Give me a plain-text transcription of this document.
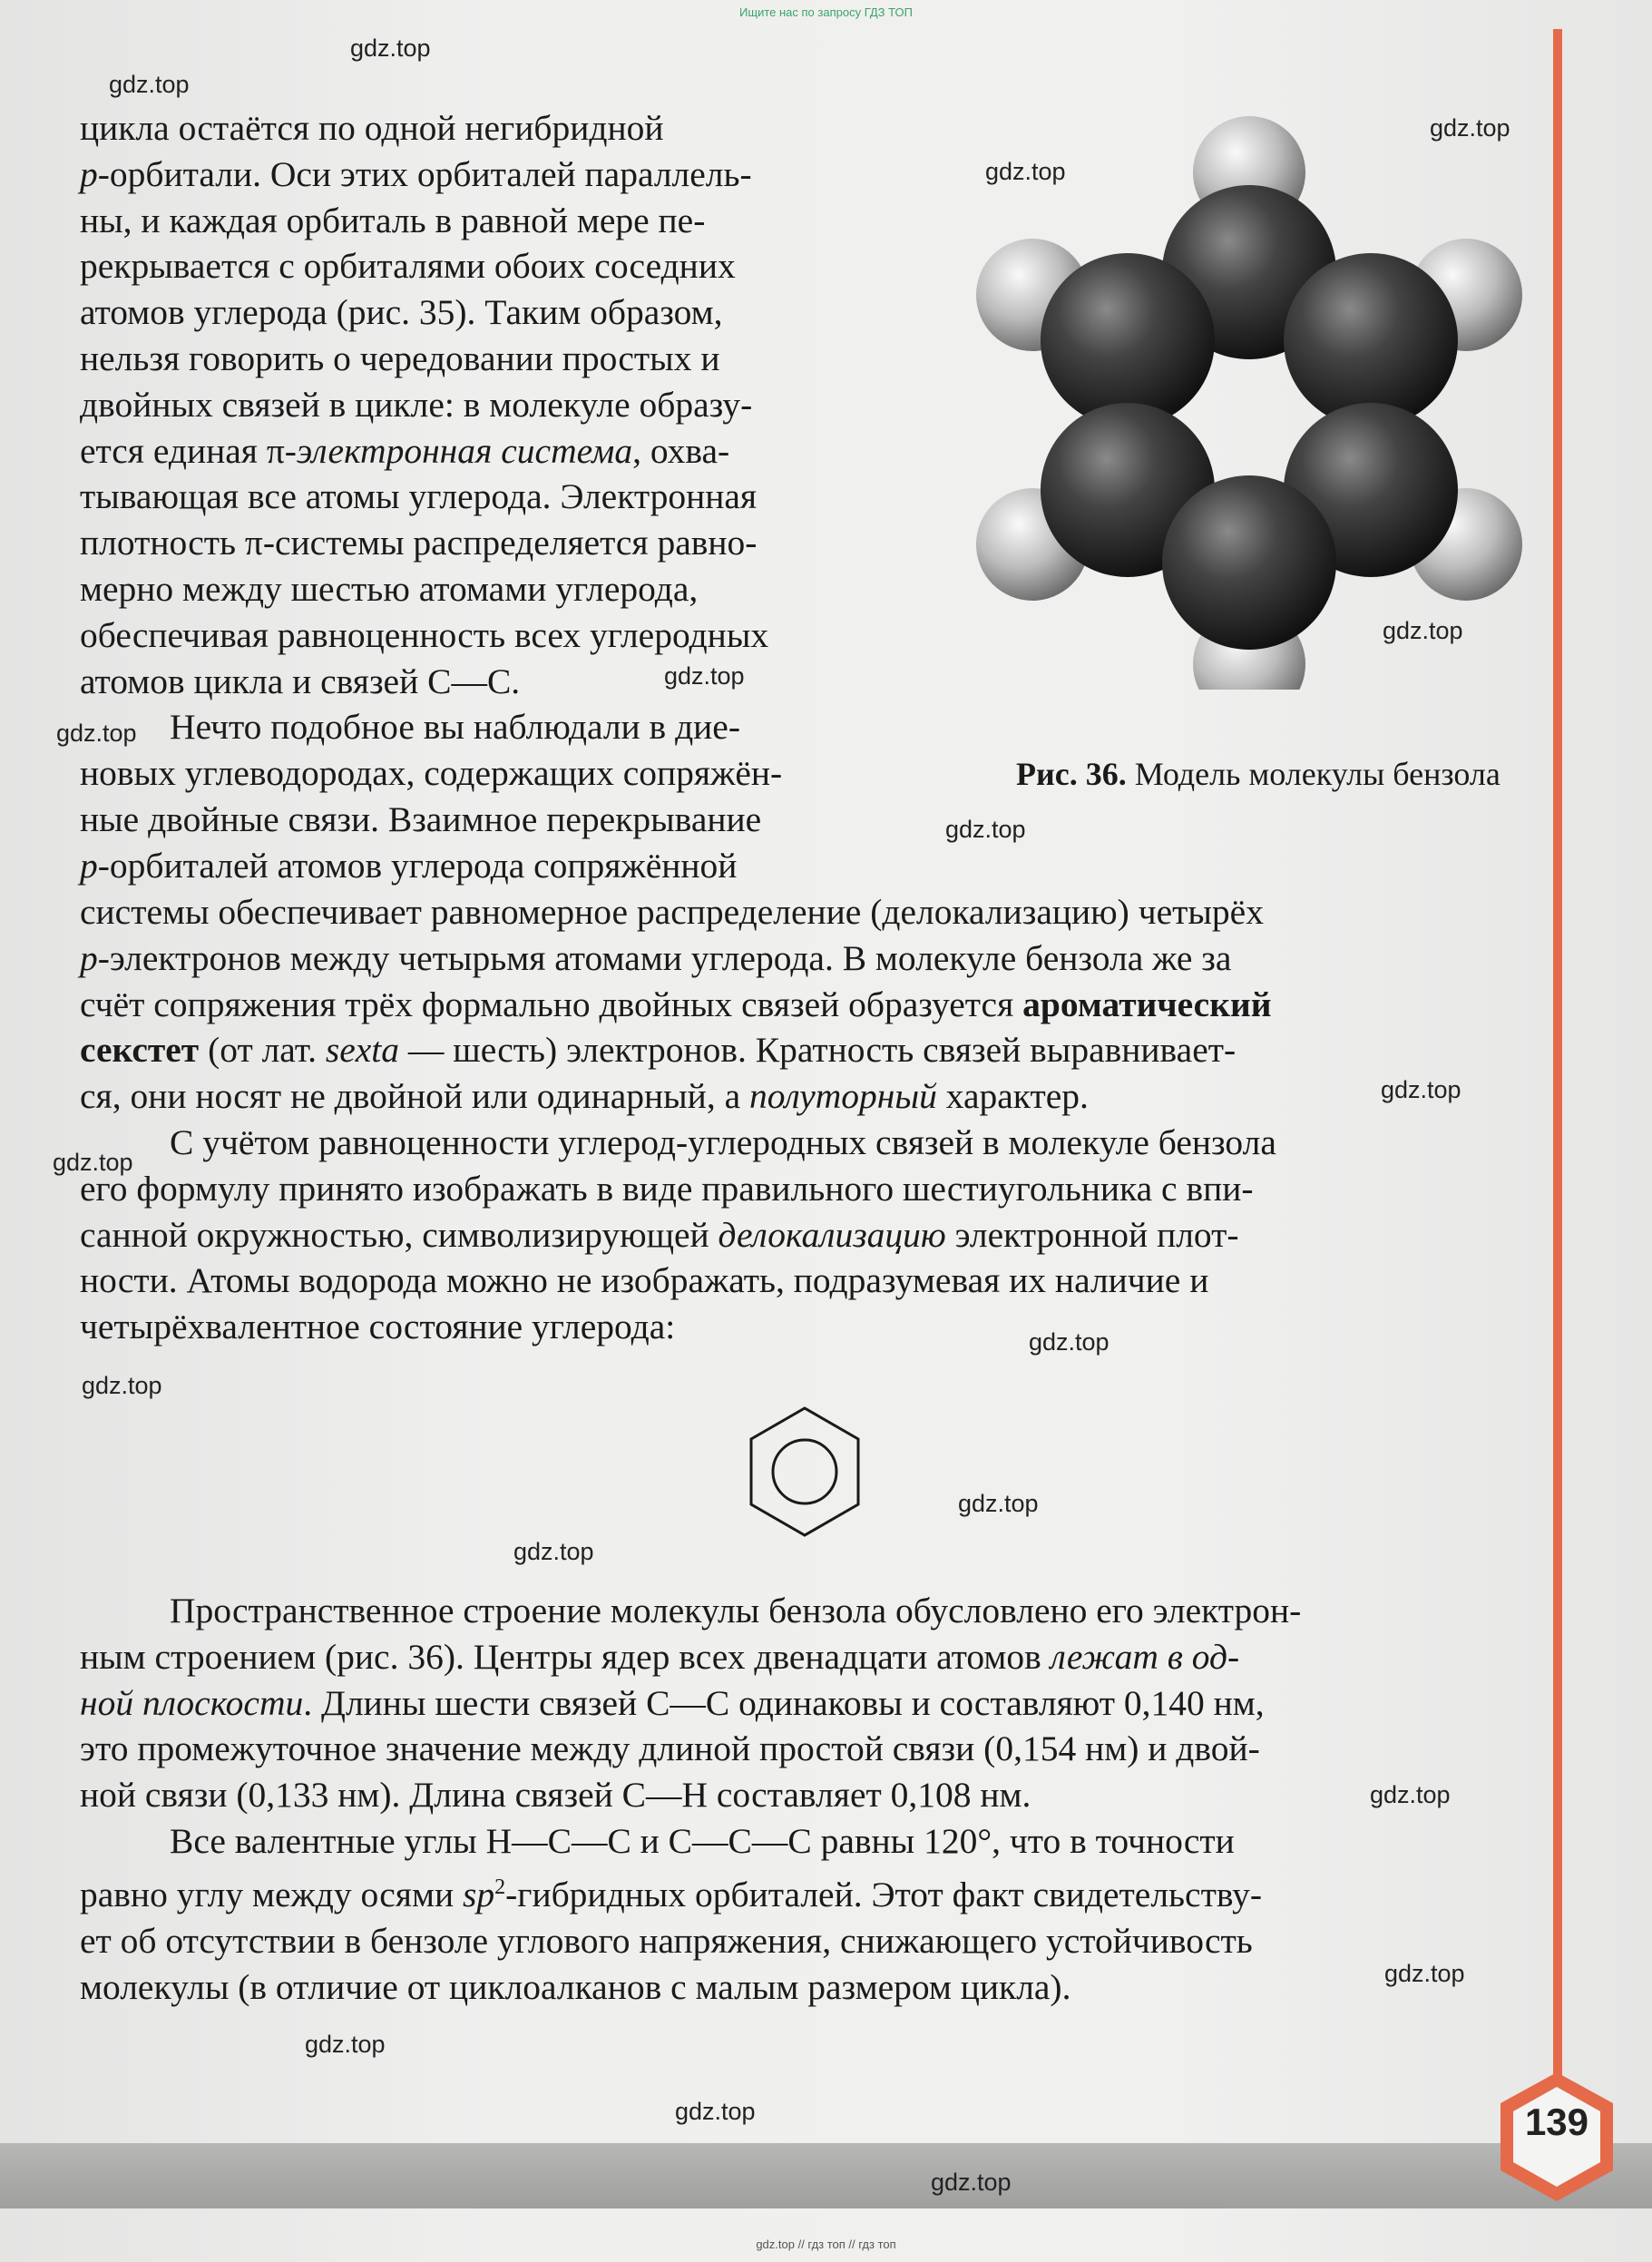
Ищите нас по запросу ГДЗ ТОП
Рис. 36. Модель молекулы бензола

цикла остаётся по одной негибридной

p-орбитали. Оси этих орбиталей параллель-

ны, и каждая орбиталь в равной мере пе-

рекрывается с орбиталями обоих соседних

атомов углерода (рис. 35). Таким образом,

нельзя говорить о чередовании простых и

двойных связей в цикле: в молекуле образу-

ется единая π-электронная система, охва-

тывающая все атомы углерода. Электронная

плотность π-системы распределяется равно-

мерно между шестью атомами углерода,

обеспечивая равноценность всех углеродных

атомов цикла и связей С—С.

Нечто подобное вы наблюдали в дие-

новых углеводородах, содержащих сопряжён-

ные двойные связи. Взаимное перекрывание

p-орбиталей атомов углерода сопряжённой

системы обеспечивает равномерное распределение (делокализацию) четырёх

p-электронов между четырьмя атомами углерода. В молекуле бензола же за

счёт сопряжения трёх формально двойных связей образуется ароматический

секстет (от лат. sexta — шесть) электронов. Кратность связей выравнивает-

ся, они носят не двойной или одинарный, а полуторный характер.

С учётом равноценности углерод-углеродных связей в молекуле бензола

его формулу принято изображать в виде правильного шестиугольника с впи-

санной окружностью, символизирующей делокализацию электронной плот-

ности. Атомы водорода можно не изображать, подразумевая их наличие и

четырёхвалентное состояние углерода:

Пространственное строение молекулы бензола обусловлено его электрон-

ным строением (рис. 36). Центры ядер всех двенадцати атомов лежат в од-

ной плоскости. Длины шести связей С—С одинаковы и составляют 0,140 нм,

это промежуточное значение между длиной простой связи (0,154 нм) и двой-

ной связи (0,133 нм). Длина связей С—Н составляет 0,108 нм.

Все валентные углы Н—С—С и С—С—С равны 120°, что в точности

равно углу между осями $sp^2$-гибридных орбиталей. Этот факт свидетельству-

ет об отсутствии в бензоле углового напряжения, снижающего устойчивость

молекулы (в отличие от циклоалканов с малым размером цикла).

139
gdz.top
gdz.top
gdz.top
gdz.top
gdz.top
gdz.top
gdz.top
gdz.top
gdz.top
gdz.top
gdz.top
gdz.top
gdz.top
gdz.top
gdz.top
gdz.top
gdz.top
gdz.top
gdz.top
gdz.top // гдз топ // гдз топ
